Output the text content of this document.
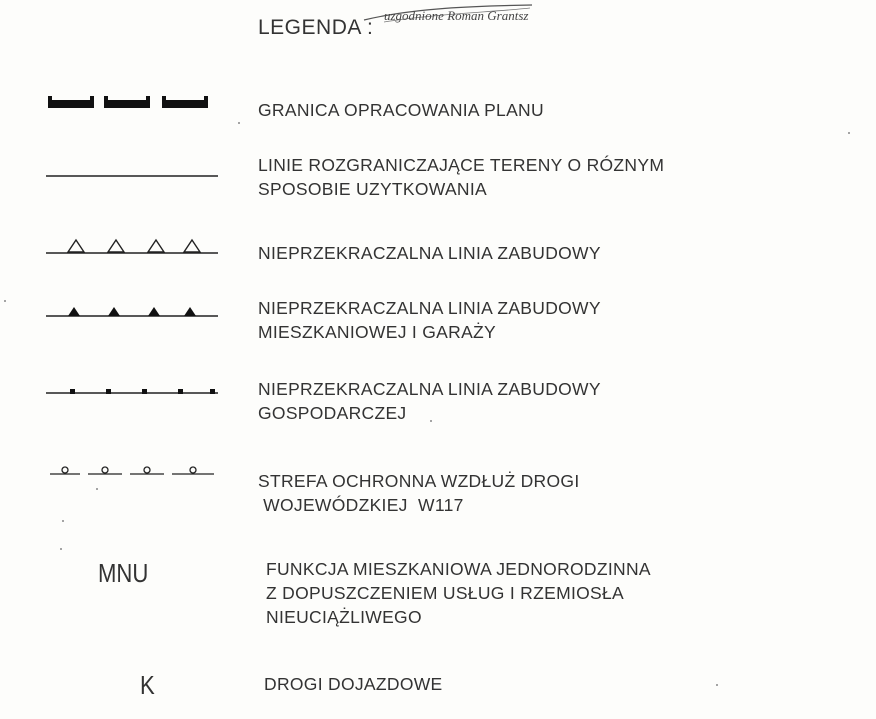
uzgodnione Roman Grantsz
LEGENDA :
GRANICA OPRACOWANIA PLANU
LINIE ROZGRANICZAJĄCE TERENY O RÓZNYM
SPOSOBIE UZYTKOWANIA
NIEPRZEKRACZALNA LINIA ZABUDOWY
NIEPRZEKRACZALNA LINIA ZABUDOWY
MIESZKANIOWEJ I GARAŻY
NIEPRZEKRACZALNA LINIA ZABUDOWY
GOSPODARCZEJ
STREFA OCHRONNA WZDŁUŻ DROGI
WOJEWÓDZKIEJ  W117
MNU	FUNKCJA MIESZKANIOWA JEDNORODZINNA
Z DOPUSZCZENIEM USŁUG I RZEMIOSŁA
NIEUCIĄŻLIWEGO
K	DROGI DOJAZDOWE
